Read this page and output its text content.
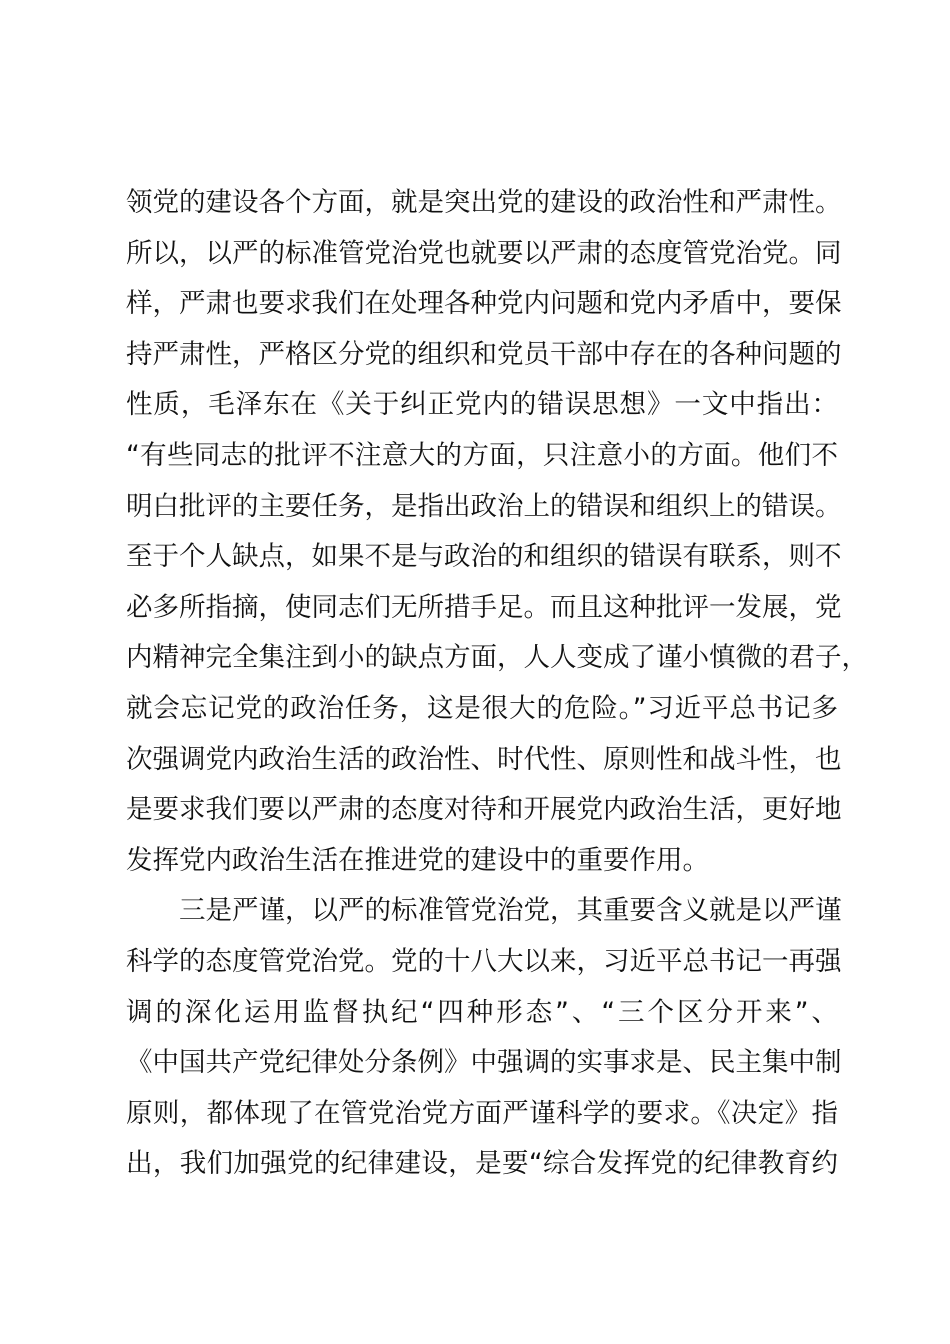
领党的建设各个方面，就是突出党的建设的政治性和严肃性。
所以，以严的标准管党治党也就要以严肃的态度管党治党。同
样，严肃也要求我们在处理各种党内问题和党内矛盾中，要保
持严肃性，严格区分党的组织和党员干部中存在的各种问题的
性质，毛泽东在《关于纠正党内的错误思想》一文中指出：
“有些同志的批评不注意大的方面，只注意小的方面。他们不
明白批评的主要任务，是指出政治上的错误和组织上的错误。
至于个人缺点，如果不是与政治的和组织的错误有联系，则不
必多所指摘，使同志们无所措手足。而且这种批评一发展，党
内精神完全集注到小的缺点方面，人人变成了谨小慎微的君子，
就会忘记党的政治任务，这是很大的危险。”习近平总书记多
次强调党内政治生活的政治性、时代性、原则性和战斗性，也
是要求我们要以严肃的态度对待和开展党内政治生活，更好地
发挥党内政治生活在推进党的建设中的重要作用。
三是严谨，以严的标准管党治党，其重要含义就是以严谨
科学的态度管党治党。党的十八大以来，习近平总书记一再强
调的深化运用监督执纪“四种形态”、“三个区分开来”、
《中国共产党纪律处分条例》中强调的实事求是、民主集中制
原则，都体现了在管党治党方面严谨科学的要求。《决定》指
出，我们加强党的纪律建设，是要“综合发挥党的纪律教育约
